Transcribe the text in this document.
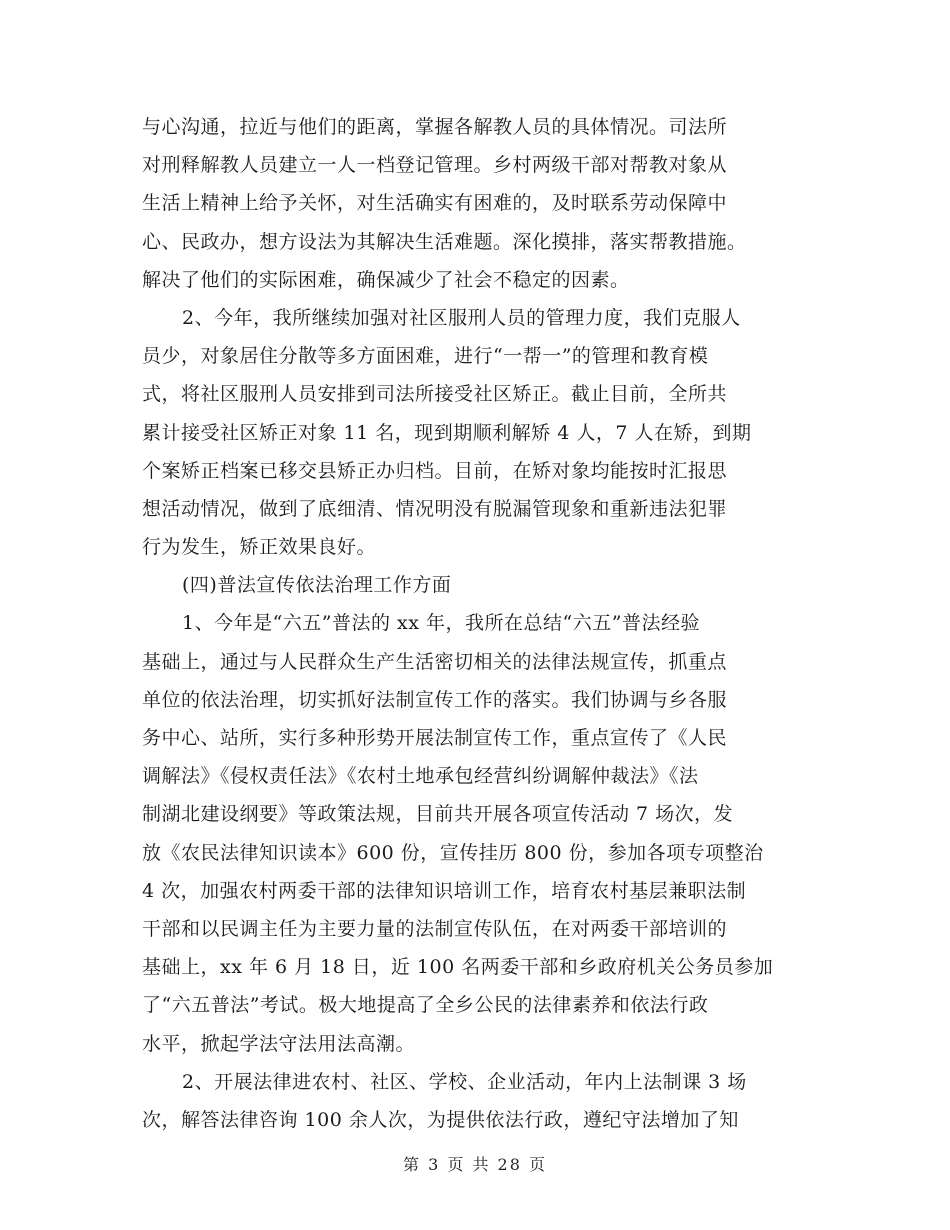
与心沟通，拉近与他们的距离，掌握各解教人员的具体情况。司法所
对刑释解教人员建立一人一档登记管理。乡村两级干部对帮教对象从
生活上精神上给予关怀，对生活确实有困难的，及时联系劳动保障中
心、民政办，想方设法为其解决生活难题。深化摸排，落实帮教措施。
解决了他们的实际困难，确保减少了社会不稳定的因素。
2、今年，我所继续加强对社区服刑人员的管理力度，我们克服人
员少，对象居住分散等多方面困难，进行“一帮一”的管理和教育模
式，将社区服刑人员安排到司法所接受社区矫正。截止目前，全所共
累计接受社区矫正对象 11 名，现到期顺利解矫 4 人，7 人在矫，到期
个案矫正档案已移交县矫正办归档。目前，在矫对象均能按时汇报思
想活动情况，做到了底细清、情况明没有脱漏管现象和重新违法犯罪
行为发生，矫正效果良好。
(四)普法宣传依法治理工作方面
1、今年是“六五”普法的 xx 年，我所在总结“六五”普法经验
基础上，通过与人民群众生产生活密切相关的法律法规宣传，抓重点
单位的依法治理，切实抓好法制宣传工作的落实。我们协调与乡各服
务中心、站所，实行多种形势开展法制宣传工作，重点宣传了《人民
调解法》《侵权责任法》《农村土地承包经营纠纷调解仲裁法》《法
制湖北建设纲要》等政策法规，目前共开展各项宣传活动 7 场次，发
放《农民法律知识读本》600 份，宣传挂历 800 份，参加各项专项整治
4 次，加强农村两委干部的法律知识培训工作，培育农村基层兼职法制
干部和以民调主任为主要力量的法制宣传队伍，在对两委干部培训的
基础上，xx 年 6 月 18 日，近 100 名两委干部和乡政府机关公务员参加
了“六五普法”考试。极大地提高了全乡公民的法律素养和依法行政
水平，掀起学法守法用法高潮。
2、开展法律进农村、社区、学校、企业活动，年内上法制课 3 场
次，解答法律咨询 100 余人次，为提供依法行政，遵纪守法增加了知
第 3 页 共 28 页
